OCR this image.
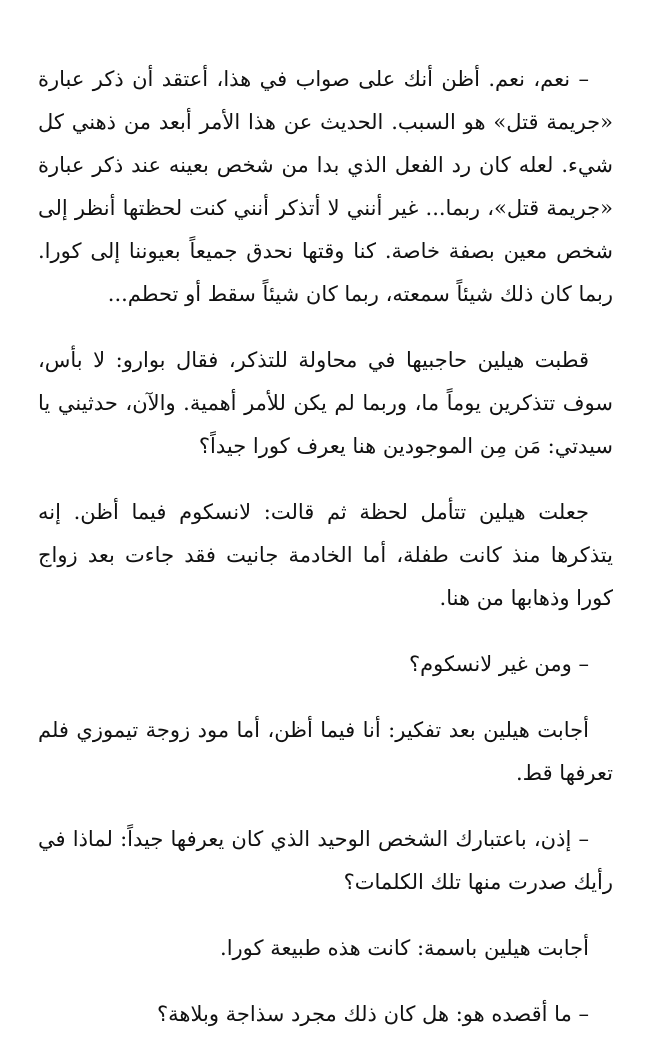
– نعم، نعم. أظن أنك على صواب في هذا، أعتقد أن ذكر عبارة «جريمة قتل» هو السبب. الحديث عن هذا الأمر أبعد من ذهني كل شيء. لعله كان رد الفعل الذي بدا من شخص بعينه عند ذكر عبارة «جريمة قتل»، ربما... غير أنني لا أتذكر أنني كنت لحظتها أنظر إلى شخص معين بصفة خاصة. كنا وقتها نحدق جميعاً بعيوننا إلى كورا. ربما كان ذلك شيئاً سمعته، ربما كان شيئاً سقط أو تحطم...

قطبت هيلين حاجبيها في محاولة للتذكر، فقال بوارو: لا بأس، سوف تتذكرين يوماً ما، وربما لم يكن للأمر أهمية. والآن، حدثيني يا سيدتي: مَن مِن الموجودين هنا يعرف كورا جيداً؟

جعلت هيلين تتأمل لحظة ثم قالت: لانسكوم فيما أظن. إنه يتذكرها منذ كانت طفلة، أما الخادمة جانيت فقد جاءت بعد زواج كورا وذهابها من هنا.

– ومن غير لانسكوم؟

أجابت هيلين بعد تفكير: أنا فيما أظن، أما مود زوجة تيموزي فلم تعرفها قط.

– إذن، باعتبارك الشخص الوحيد الذي كان يعرفها جيداً: لماذا في رأيك صدرت منها تلك الكلمات؟

أجابت هيلين باسمة: كانت هذه طبيعة كورا.

– ما أقصده هو: هل كان ذلك مجرد سذاجة وبلاهة؟
